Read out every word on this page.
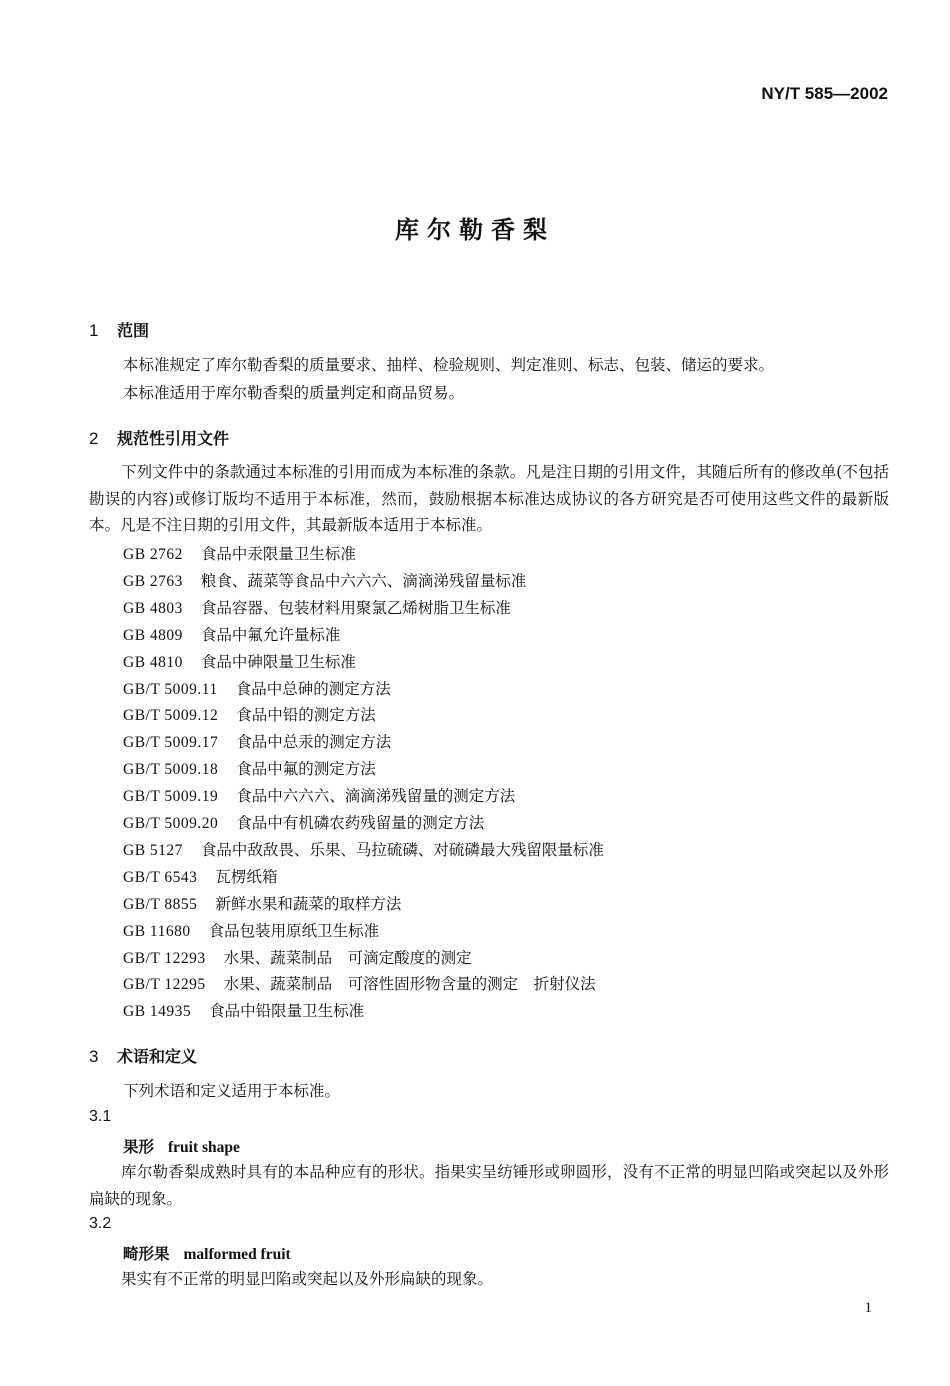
NY/T 585—2002
库尔勒香梨
1 范围
本标准规定了库尔勒香梨的质量要求、抽样、检验规则、判定准则、标志、包装、储运的要求。
本标准适用于库尔勒香梨的质量判定和商品贸易。
2 规范性引用文件
下列文件中的条款通过本标准的引用而成为本标准的条款。凡是注日期的引用文件，其随后所有的修改单(不包括勘误的内容)或修订版均不适用于本标准，然而，鼓励根据本标准达成协议的各方研究是否可使用这些文件的最新版本。凡是不注日期的引用文件，其最新版本适用于本标准。
GB 2762 食品中汞限量卫生标准
GB 2763 粮食、蔬菜等食品中六六六、滴滴涕残留量标准
GB 4803 食品容器、包装材料用聚氯乙烯树脂卫生标准
GB 4809 食品中氟允许量标准
GB 4810 食品中砷限量卫生标准
GB/T 5009.11 食品中总砷的测定方法
GB/T 5009.12 食品中铅的测定方法
GB/T 5009.17 食品中总汞的测定方法
GB/T 5009.18 食品中氟的测定方法
GB/T 5009.19 食品中六六六、滴滴涕残留量的测定方法
GB/T 5009.20 食品中有机磷农药残留量的测定方法
GB 5127 食品中敌敌畏、乐果、马拉硫磷、对硫磷最大残留限量标准
GB/T 6543 瓦楞纸箱
GB/T 8855 新鲜水果和蔬菜的取样方法
GB 11680 食品包装用原纸卫生标准
GB/T 12293 水果、蔬菜制品　可滴定酸度的测定
GB/T 12295 水果、蔬菜制品　可溶性固形物含量的测定　折射仪法
GB 14935 食品中铅限量卫生标准
3 术语和定义
下列术语和定义适用于本标准。
3.1
果形 fruit shape
库尔勒香梨成熟时具有的本品种应有的形状。指果实呈纺锤形或卵圆形，没有不正常的明显凹陷或突起以及外形扁缺的现象。
3.2
畸形果 malformed fruit
果实有不正常的明显凹陷或突起以及外形扁缺的现象。
1
